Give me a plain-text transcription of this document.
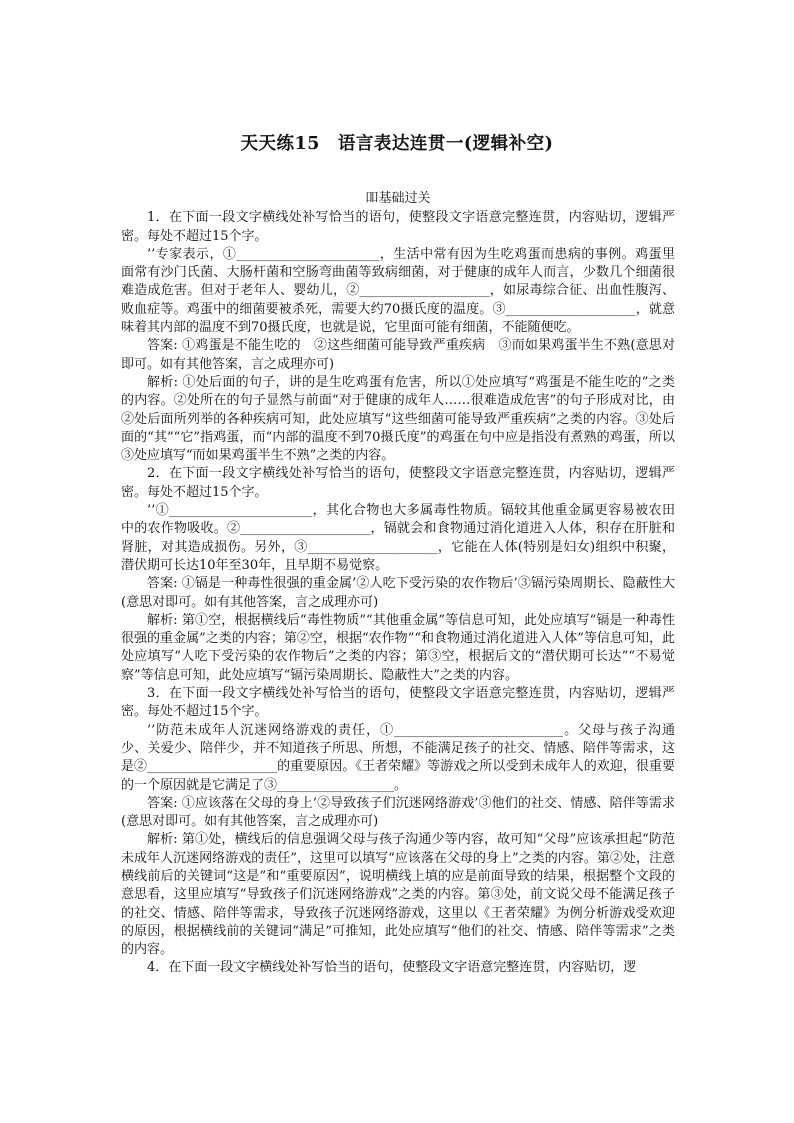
天天练15　语言表达连贯一(逻辑补空)
吅基础过关

1．在下面一段文字横线处补写恰当的语句，使整段文字语意完整连贯，内容贴切，逻辑严密。每处不超过15个字。

’’专家表示，①______________________，生活中常有因为生吃鸡蛋而患病的事例。鸡蛋里面常有沙门氏菌、大肠杆菌和空肠弯曲菌等致病细菌，对于健康的成年人而言，少数几个细菌很难造成危害。但对于老年人、婴幼儿，②____________________，如尿毒综合征、出血性腹泻、败血症等。鸡蛋中的细菌要被杀死，需要大约70摄氏度的温度。③____________________，就意味着其内部的温度不到70摄氏度，也就是说，它里面可能有细菌，不能随便吃。

答案: ①鸡蛋是不能生吃的　②这些细菌可能导致严重疾病　③而如果鸡蛋半生不熟(意思对即可。如有其他答案，言之成理亦可)

解析: ①处后面的句子，讲的是生吃鸡蛋有危害，所以①处应填写“鸡蛋是不能生吃的”之类的内容。②处所在的句子显然与前面“对于健康的成年人……很难造成危害”的句子形成对比，由②处后面所列举的各种疾病可知，此处应填写“这些细菌可能导致严重疾病”之类的内容。③处后面的“其”“它”指鸡蛋，而“内部的温度不到70摄氏度”的鸡蛋在句中应是指没有煮熟的鸡蛋，所以③处应填写“而如果鸡蛋半生不熟”之类的内容。

2．在下面一段文字横线处补写恰当的语句，使整段文字语意完整连贯，内容贴切，逻辑严密。每处不超过15个字。

’’①______________________，其化合物也大多属毒性物质。镉较其他重金属更容易被农田中的农作物吸收。②____________________，镉就会和食物通过消化道进入人体，积存在肝脏和肾脏，对其造成损伤。另外，③____________________，它能在人体(特别是妇女)组织中积聚，潜伏期可长达10年至30年，且早期不易觉察。

答案: ①镉是一种毒性很强的重金属’②人吃下受污染的农作物后’③镉污染周期长、隐蔽性大(意思对即可。如有其他答案，言之成理亦可)

解析: 第①空，根据横线后“毒性物质”“其他重金属”等信息可知，此处应填写“镉是一种毒性很强的重金属”之类的内容；第②空，根据“农作物”“和食物通过消化道进入人体”等信息可知，此处应填写“人吃下受污染的农作物后”之类的内容；第③空，根据后文的“潜伏期可长达”“不易觉察”等信息可知，此处应填写“镉污染周期长、隐蔽性大”之类的内容。

3．在下面一段文字横线处补写恰当的语句，使整段文字语意完整连贯，内容贴切，逻辑严密。每处不超过15个字。

’’防范未成年人沉迷网络游戏的责任，①__________________________。父母与孩子沟通少、关爱少、陪伴少，并不知道孩子所思、所想，不能满足孩子的社交、情感、陪伴等需求，这是②____________________的重要原因。《王者荣耀》等游戏之所以受到未成年人的欢迎，很重要的一个原因就是它满足了③__________________。

答案: ①应该落在父母的身上’②导致孩子们沉迷网络游戏’③他们的社交、情感、陪伴等需求(意思对即可。如有其他答案，言之成理亦可)

解析: 第①处，横线后的信息强调父母与孩子沟通少等内容，故可知“父母”应该承担起“防范未成年人沉迷网络游戏的责任”，这里可以填写“应该落在父母的身上”之类的内容。第②处，注意横线前后的关键词“这是”和“重要原因”，说明横线上填的应是前面导致的结果，根据整个文段的意思看，这里应填写“导致孩子们沉迷网络游戏”之类的内容。第③处，前文说父母不能满足孩子的社交、情感、陪伴等需求，导致孩子沉迷网络游戏，这里以《王者荣耀》为例分析游戏受欢迎的原因，根据横线前的关键词“满足”可推知，此处应填写“他们的社交、情感、陪伴等需求”之类的内容。

4．在下面一段文字横线处补写恰当的语句，使整段文字语意完整连贯，内容贴切，逻
